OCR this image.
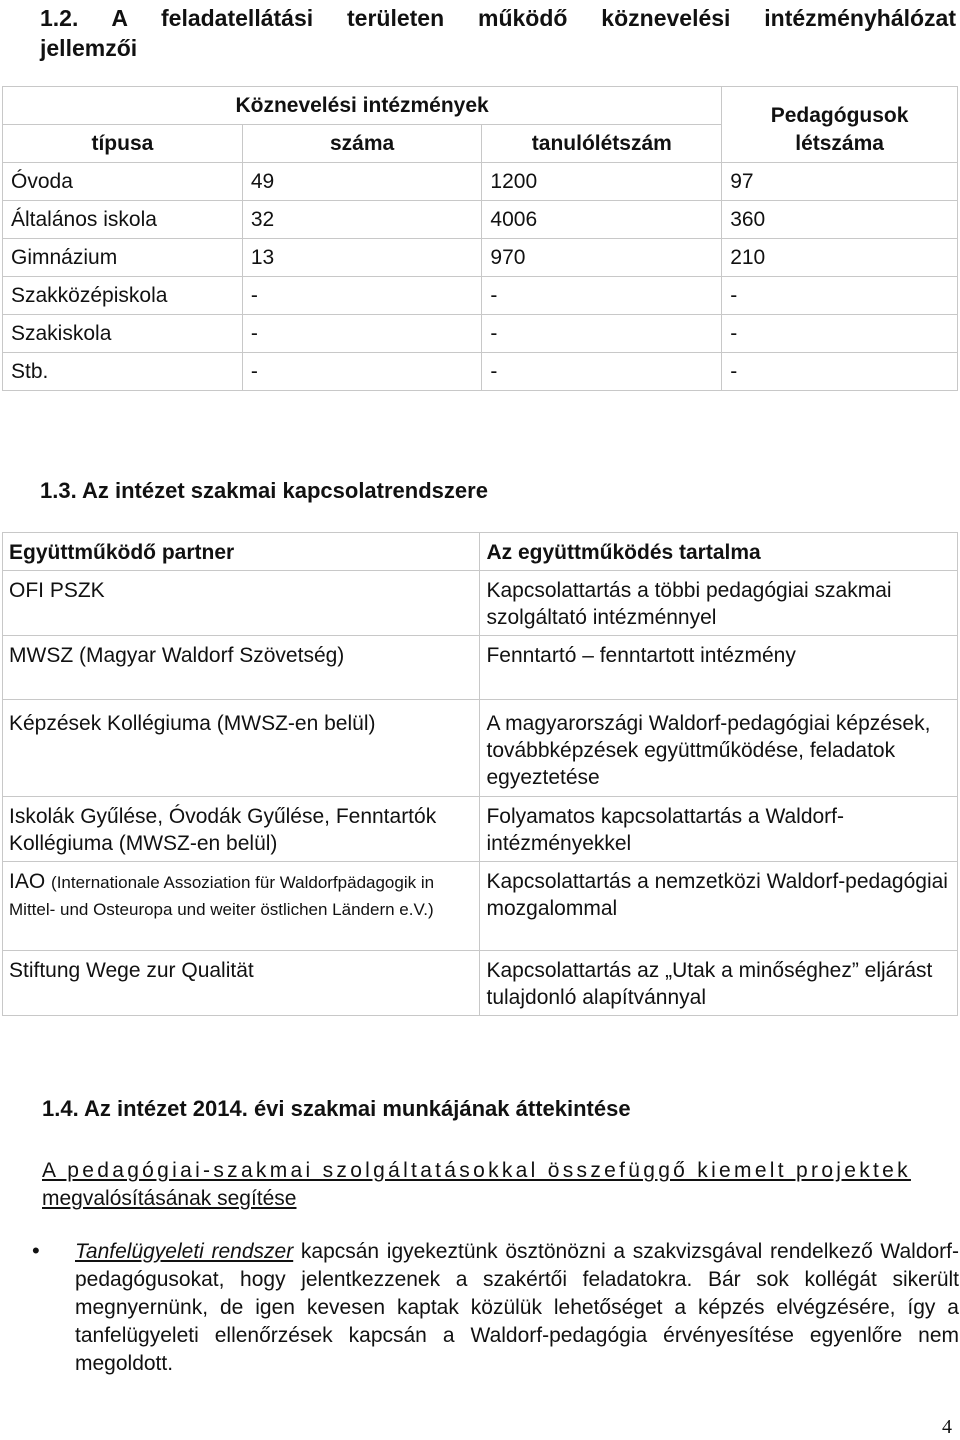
1.2. A feladatellátási területen működő köznevelési intézményhálózat
jellemzői
Köznevelési intézmények			Pedagógusok létszáma
típusa	száma	tanulólétszám	
Óvoda	49	1200	97
Általános iskola	32	4006	360
Gimnázium	13	970	210
Szakközépiskola	-	-	-
Szakiskola	-	-	-
Stb.	-	-	-
1.3. Az intézet szakmai kapcsolatrendszere
Együttműködő partner	Az együttműködés tartalma
OFI PSZK	Kapcsolattartás a többi pedagógiai szakmai szolgáltató intézménnyel
MWSZ (Magyar Waldorf Szövetség)	Fenntartó – fenntartott intézmény
Képzések Kollégiuma (MWSZ-en belül)	A magyarországi Waldorf-pedagógiai képzések, továbbképzések együttműködése, feladatok egyeztetése
Iskolák Gyűlése, Óvodák Gyűlése, Fenntartók Kollégiuma (MWSZ-en belül)	Folyamatos kapcsolattartás a Waldorf-intézményekkel
IAO (Internationale Assoziation für Waldorfpädagogik in Mittel- und Osteuropa und weiter östlichen Ländern e.V.)	Kapcsolattartás a nemzetközi Waldorf-pedagógiai mozgalommal
Stiftung Wege zur Qualität	Kapcsolattartás az „Utak a minőséghez” eljárást tulajdonló alapítvánnyal
1.4. Az intézet 2014. évi szakmai munkájának áttekintése
A pedagógiai-szakmai szolgáltatásokkal összefüggő kiemelt projektek
megvalósításának segítése
• Tanfelügyeleti rendszer kapcsán igyekeztünk ösztönözni a szakvizsgával rendelkező Waldorf-pedagógusokat, hogy jelentkezzenek a szakértői feladatokra. Bár sok kollégát sikerült megnyernünk, de igen kevesen kaptak közülük lehetőséget a képzés elvégzésére, így a tanfelügyeleti ellenőrzések kapcsán a Waldorf-pedagógia érvényesítése egyenlőre nem megoldott.
4
